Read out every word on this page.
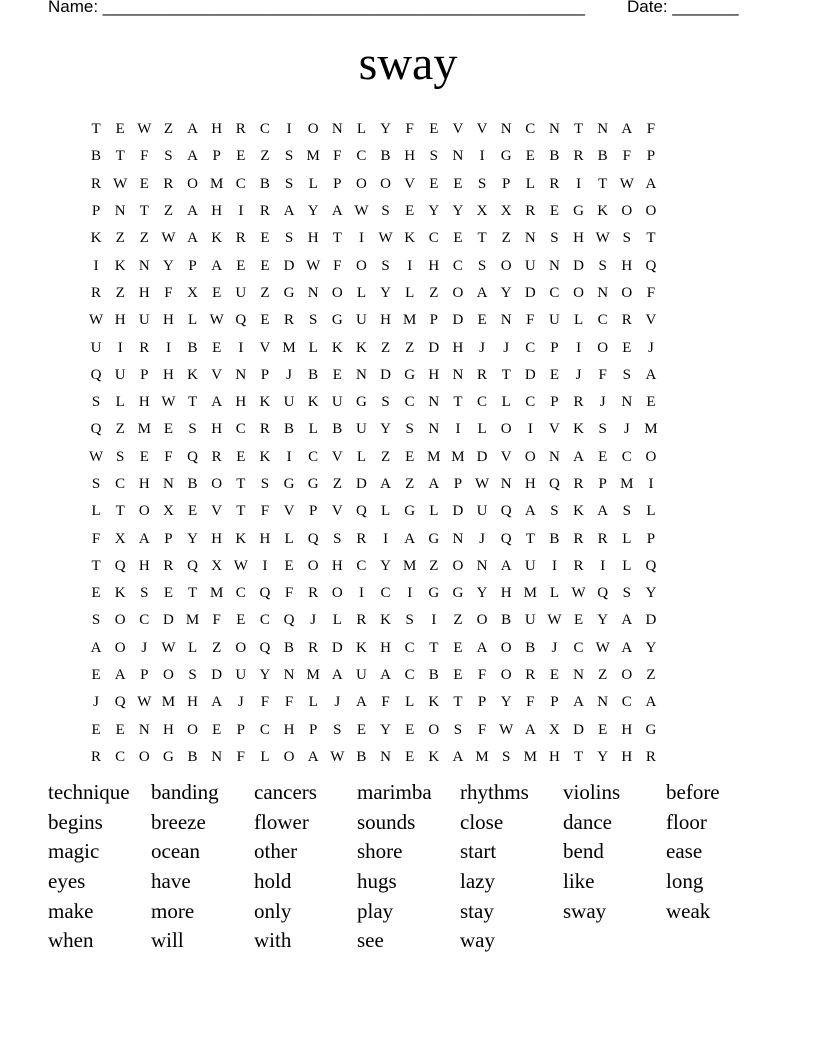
Name: ___________________________________________________ Date: _______
sway
T E W Z A H R C	I	O N L Y F	E V V N C N T N A F
B T	F	S A P	E Z	S M F C B H S N	I	G E B R B F	P
R W E R O M C B S	L	P O O V E E	S	P	L R	I	T W A
P N T Z A H	I	R A Y A W S	E Y Y X X R E G K O O
K Z Z W A K R E	S H T	I W K C E T Z N S H W S	T
I	K N Y P A E E D W F O S	I	H C S O U N D S H Q
R Z H F X E U Z G N O L Y L Z O A Y D C O N O F
W H U H L W Q E R S G U H M P D E N F U L C R V
U	I	R	I	B E	I	V M L K K Z Z D H	J	J	C P	I	O E	J
Q U P H K V N P	J	B E N D G H N R T D E	J	F	S A
S	L H W T A H K U K U G S C N T C L C P R	J	N E
Q Z M E	S H C R B L B U Y S N	I	L O	I	V K S	J M
W S	E	F Q R E K	I	C V L Z E M M D V O N A E C O
S C H N B O T	S G G Z D A Z A P W N H Q R P M I
L T O X E V T	F V P V Q L G L D U Q A S K A S	L
F X A P Y H K H L Q S R	I	A G N	J	Q T B R R L	P
T Q H R Q X W I	E O H C Y M Z O N A U	I	R	I	L Q
E K S	E T M C Q F R O	I	C	I	G G Y H M L W Q S Y
S O C D M F	E C Q	J	L R K S	I	Z O B U W E Y A D
A O	J W L Z O Q B R D K H C T E A O B	J	C W A Y
E A P O S D U Y N M A U A C B E	F O R E N Z O Z
J	Q W M H A	J	F	F	L	J	A F	L K T	P Y F	P A N C A
E E N H O E	P C H P	S	E Y E O S	F W A X D E H G
R C O G B N F	L O A W B N E K A M S M H T Y H R
technique	banding	cancers	marimba	rhythms	violins	before
begins	breeze	flower	sounds	close	dance	floor
magic	ocean	other	shore	start	bend	ease
eyes	have	hold	hugs	lazy	like	long
make	more	only	play	stay	sway	weak
when	will	with	see	way
